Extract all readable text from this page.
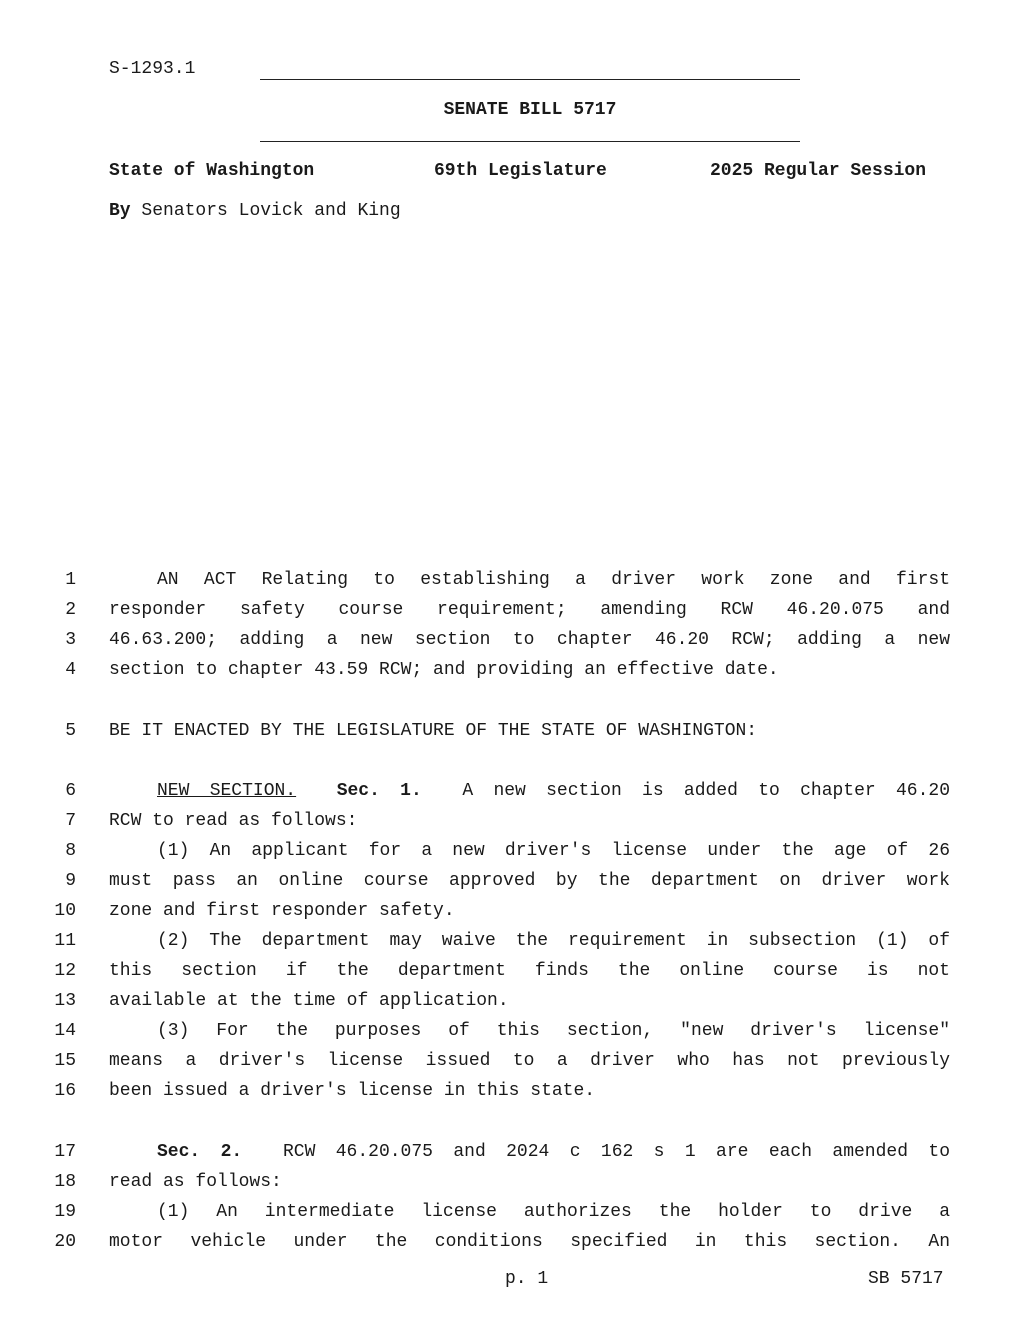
S-1293.1
SENATE BILL 5717
State of Washington	69th Legislature	2025 Regular Session
By Senators Lovick and King
1
2
3
4
5
6
7
8
9
10
11
12
13
14
15
16
17
18
19
20
AN ACT Relating to establishing a driver work zone and first
responder safety course requirement; amending RCW 46.20.075 and
46.63.200; adding a new section to chapter 46.20 RCW; adding a new
section to chapter 43.59 RCW; and providing an effective date.
BE IT ENACTED BY THE LEGISLATURE OF THE STATE OF WASHINGTON:
NEW SECTION. Sec. 1. A new section is added to chapter 46.20
RCW to read as follows:
(1) An applicant for a new driver's license under the age of 26
must pass an online course approved by the department on driver work
zone and first responder safety.
(2) The department may waive the requirement in subsection (1) of
this section if the department finds the online course is not
available at the time of application.
(3) For the purposes of this section, "new driver's license"
means a driver's license issued to a driver who has not previously
been issued a driver's license in this state.
Sec. 2. RCW 46.20.075 and 2024 c 162 s 1 are each amended to
read as follows:
(1) An intermediate license authorizes the holder to drive a
motor vehicle under the conditions specified in this section. An
p. 1	SB 5717
